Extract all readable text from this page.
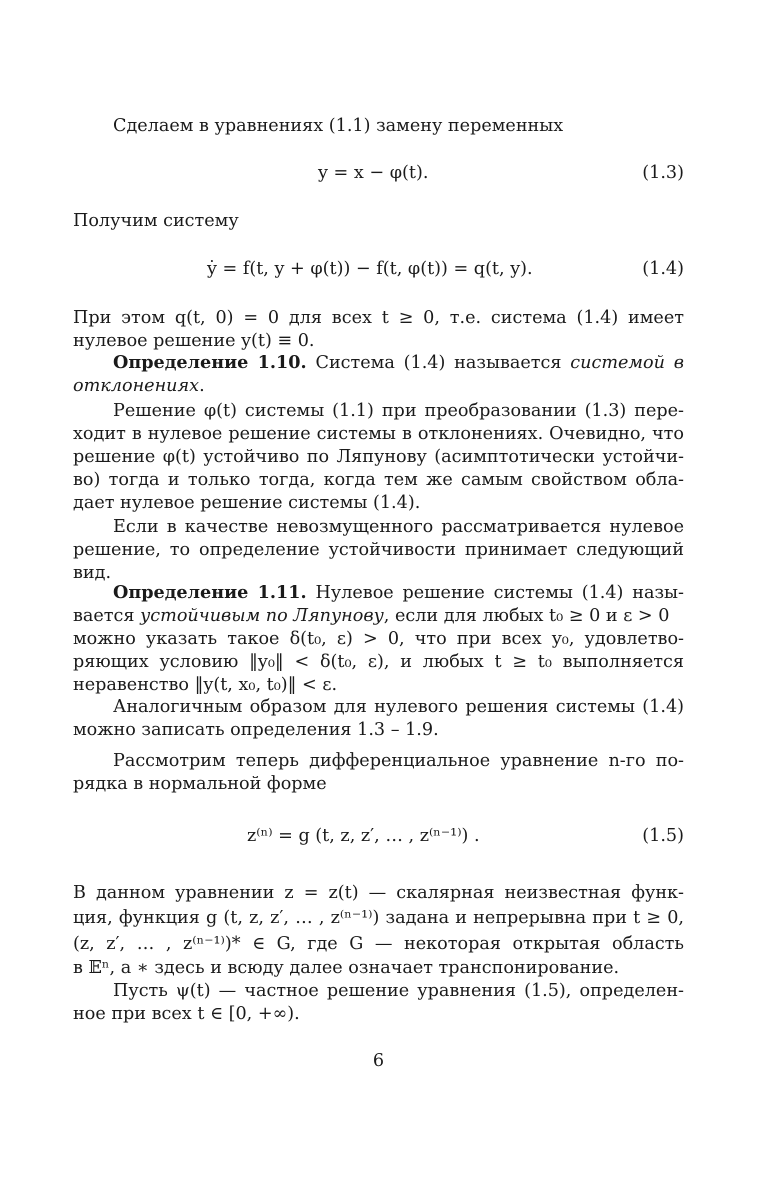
Сделаем в уравнениях (1.1) замену переменных
y = x − φ(t).	(1.3)
Получим систему
ẏ = f(t, y + φ(t)) − f(t, φ(t)) = q(t, y).	(1.4)
При этом q(t, 0) = 0 для всех t ≥ 0, т.е. система (1.4) имеет
нулевое решение y(t) ≡ 0.
Определение 1.10. Система (1.4) называется системой в
отклонениях.
Решение φ(t) системы (1.1) при преобразовании (1.3) пере-
ходит в нулевое решение системы в отклонениях. Очевидно, что
решение φ(t) устойчиво по Ляпунову (асимптотически устойчи-
во) тогда и только тогда, когда тем же самым свойством обла-
дает нулевое решение системы (1.4).
Если в качестве невозмущенного рассматривается нулевое
решение, то определение устойчивости принимает следующий
вид.
Определение 1.11. Нулевое решение системы (1.4) назы-
вается устойчивым по Ляпунову, если для любых t₀ ≥ 0 и ε > 0
можно указать такое δ(t₀, ε) > 0, что при всех y₀, удовлетво-
ряющих условию ‖y₀‖ < δ(t₀, ε), и любых t ≥ t₀ выполняется
неравенство ‖y(t, x₀, t₀)‖ < ε.
Аналогичным образом для нулевого решения системы (1.4)
можно записать определения 1.3 – 1.9.
Рассмотрим теперь дифференциальное уравнение n-го по-
рядка в нормальной форме
z⁽ⁿ⁾ = g (t, z, z′, … , z⁽ⁿ⁻¹⁾) .	(1.5)
В данном уравнении z = z(t) — скалярная неизвестная функ-
ция, функция g (t, z, z′, … , z⁽ⁿ⁻¹⁾) задана и непрерывна при t ≥ 0,
(z, z′, … , z⁽ⁿ⁻¹⁾)* ∈ G, где G — некоторая открытая область
в 𝔼ⁿ, а ∗ здесь и всюду далее означает транспонирование.
Пусть ψ(t) — частное решение уравнения (1.5), определен-
ное при всех t ∈ [0, +∞).
6
